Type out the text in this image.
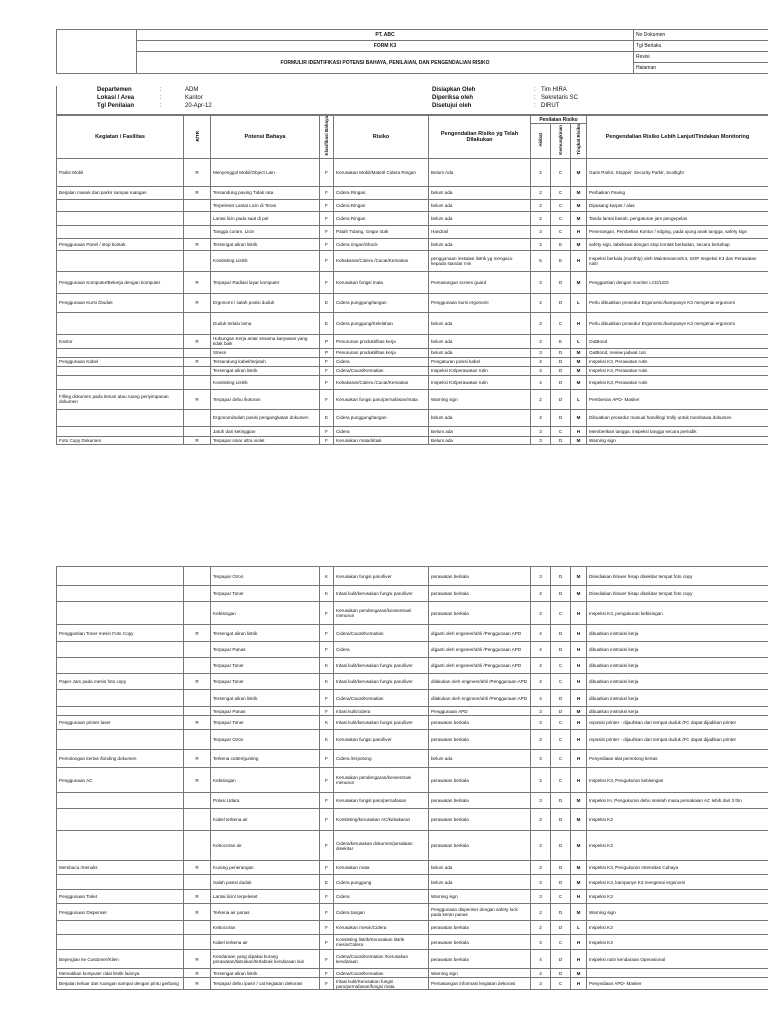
	PT. ABC	No Dokumen
	FORM K3	Tgl Berlaku
	FORMULIR IDENTIFIKASI POTENSI BAHAYA, PENILAIAN, DAN PENGENDALIAN RISIKO	Revisi
		Halaman
Departemen	:	ADM	Disiapkan Oleh	: Tim HIRA
Lokasi / Area	:	Kantor	Diperiksa oleh	: Sekretaris SC
Tgl Penilaian	:	20-Apr-12	Disetujui oleh	: DIRUT
Kegiatan / Fasilitas	R/TR	Potensi Bahaya	Klasifikasi Bahaya	Risiko	Pengendalian Risiko yg Telah Dilakukan	Penilaian Risiko			Pengendalian Risiko Lebih Lanjut/Tindakan Monitoring
						Akibat	Kemungkinan	Tingkat Risiko	
Parkir Mobil	R	Menyenggol Mobil/Object Lain	F	Kerusakan Mobil/Materil Cidera Ringan	Belum Ada	2	C	M	Garis Parkir, Stopper, Security Parkir, Scotlight
Berjalan masuk dari parkir sampai ruangan	R	Tersandung paving Tidak rata	F	Cidera Ringan,	belum ada	2	C	M	Perbaikan Paving
		Terpeleset Lantai Licin di Teras	F	Cidera Ringan	belum ada	2	C	M	Dipasang karpet / alas
		Lantai licin pada saat di pel	F	Cidera Ringan	belum ada	2	C	M	Tanda lantai basah, pengaturan jam pengepelan
		Tangga curam, Licin	F	Patah Tulang, Gegar otak	Handrail	3	C	H	Penerangan, Pembelian Kontur / edging, pada ujung anak tangga, safety sign
Penggunaan Panel / stop kontak	R	Tersengat aliran listrik	F	Cidera ringan/Shock	belum ada	3	E	M	safety sign, labelisasi dengan stop kontak berkaitan, secara bertahap
		Konsleting Listrik	F	Kebakaran/Cidera /Cacat/Kematian	penggunaan instalasi listrik yg mengacu kepada standar min	5	E	H	Inspeksi berkala (monthly) oleh Maintenance/K3, SOP Inspeksi K3 dan Perawatan rutin
Penggunaan Komputer/Bekerja dengan komputer	R	Terpapar Radiasi layar komputer	F	Kerusakan fungsi mata	Pemasangan screen guard	3	D	M	Penggantian dengan monitor LCD/LED
Penggunaan Kursi /Duduk	R	Ergonomi / salah posisi duduk	E	Cidera punggung/tangan	Penggunaan kursi ergonomi	2	D	L	Perlu dibuatkan prosedur Ergonomic/kampanye K3 mengenai ergonomi
		Duduk terlalu lama	E	Cidera punggung/Kelelahan	belum ada	3	C	H	Perlu dibuatkan prosedur Ergonomic/kampanye K3 mengenai ergonomi
Kantor	R	Hubungan Kerja antar sesama karyawan yang tidak baik	P	Penurunan produktifitas kerja	belum ada	3	E	L	OutBond
		Stress	P	Penurunan produktifitas kerja	belum ada	3	D	M	OutBond, review jadwal cuti
Penggunaan Kabel	R	Tersandung kabel/terjatuh	F	Cidera	Pengaturan posisi kabel	3	D	M	Inspeksi K3, Perawatan rutin
		Tersengat aliran listrik	F	Cidera/Cacat/Kematian	Inspeksi K3/perawatan rutin	3	D	M	Inspeksi K3, Perawatan rutin
		Konsleting Listrik	F	Kebakaran/Cidera /Cacat/Kematian	Inspeksi K3/perawatan rutin	4	D	M	Inspeksi K3, Perawatan rutin
Filling dokumen pada lemari atau ruang penyimpanan dokumen	R	Terpapar debu /kotoran	F	Kerusakan fungsi paru/pernafasan/mata	Warning sign	2	D	L	Pemberian APD- Masker
		Ergonomi/salah posisi pengangkatan dokumen	E	Cidera punggung/tangan	belum ada	3	D	M	Dibuatkan prosedur manual handling/ trolly untuk membawa dokumen
		Jatuh dari ketinggian	F	Cidera	Belum ada	3	C	H	Memberikan tangga, inspeksi tangga secara periodik
Foto Copy Dokumen	R	Terpapar sinar ultra violet	F	Kerusakan mata/iritasi	Belum ada	3	D	M	Warning sign
		Terpapar Ozon	K	Kerusakan fungsi paru/liver	perawatan berkala	3	D	M	Disediakan blower hisap disekitar tempat foto copy
		Terpapar Toner	K	Iritasi kulit/kerusakan fungsi paru/liver	perawatan berkala	3	D	M	Disediakan blower hisap disekitar tempat foto copy
		Kebisingan	F	Kerusakan pendengaran/konsentrasi menurun	perawatan berkala	3	C	H	Inspeksi K3, pengukuran kebisingan
Penggantian Toner mesin Foto Copy	R	Tersengat aliran listrik	F	Cidera/Cacat/Kematian	diganti oleh engineer/ahli /Penggunaan APD	4	D	H	dibuatkan instruksi kerja
		Terpapar Panas	F	Cidera	diganti oleh engineer/ahli /Penggunaan APD	4	D	H	dibuatkan instruksi kerja
		Terpapar Toner	K	Iritasi kulit/kerusakan fungsi paru/liver	diganti oleh engineer/ahli /Penggunaan APD	3	C	H	dibuatkan instruksi kerja
Paper Jam pada mesin foto copy	R	Terpapar Toner	K	Iritasi kulit/kerusakan fungsi paru/liver	dilakukan oleh engineer/ahli /Penggunaan APD	3	C	H	dibuatkan instruksi kerja
		Tersengat aliran listrik	F	Cidera/Cacat/Kematian	dilakukan oleh engineer/ahli /Penggunaan APD	4	D	H	dibuatkan instruksi kerja
		Terpapar Panas	F	Iritasi kulit/cidera	Penggunaan APD	3	D	M	dibuatkan instruksi kerja
Penggunaan printer laser	R	Terpapar Toner	K	Iritasi kulit/kerusakan fungsi paru/liver	perawatan berkala	3	C	H	reposisi printer - dijauhkan dari tempat duduk /FC dapat dijadikan printer
		Terpapar Ozon	K	Kerusakan fungsi paru/liver	perawatan berkala	3	C	H	reposisi printer - dijauhkan dari tempat duduk /FC dapat dijadikan printer
Pemotongan kertas /binding dokumen	R	Terkena cutter/gunting	F	Cidera /terpotong	belum ada	3	C	H	Penyediaan alat pemotong kertas
Penggunaan AC	R	Kebisingan	F	Kerusakan pendengaran/konsentrasi menurun	perawatan berkala	3	C	H	Inspeksi K3, Pengukuran kebisingan
		Polusi Udara	F	Kerusakan fungsi paru/pernafasan	perawatan berkala	3	D	M	Inspeksi IH, Pengukuran debu setelah masa pemakaian AC lebih dari 3 thn
		Kabel terkena air	F	Konsleting/kerusakan AC/kebakaran	perawatan berkala	3	D	M	Inspeksi K3
		Kebocoran air	F	Cidera/kerusakan dokumen/peralatan disekitar	perawatan berkala	3	D	M	Inspeksi K3
Membaca /menulis	R	Kurang penerangan	F	Kerusakan mata	belum ada	3	D	M	Inspeksi K3, Pengukuran Intensitas Cahaya
		Salah posisi duduk	E	Cidera punggung	belum ada	3	D	M	Inspeksi K3, kampanye K3 mengenai ergonomi
Penggunaan Toilet	R	Lantai licin/ terpeleset	F	Cidera	Warning sign	3	C	H	Inspeksi K3
Penggunaan Dispenser	R	Terkena air panas	F	Cidera tangan	Penggunaan dispenser dengan safety lock pada keran panas	2	D	M	Warning sign
		Kebocoran	F	Kerusakan mesin/Cidera	perawatan berkala	2	D	L	Inspeksi K3
		Kabel terkena air	F	Konsleting listrik/Kerusakan listrik mesin/Cidera	perawatan berkala	3	C	H	Inspeksi K3
Bepergian ke Customer/Klien	R	Kendaraan yang dipakai kurang perawatan/tabrakan/terlabrak kendaraan lain	F	Cidera/Cacat/Kematian /Kerusakan kendaraan	perawatan berkala	4	D	H	Inspeksi rutin kendaraan Operasional
Mematikan komputer /alat listrik lainnya	R	Tersengat aliran listrik	F	Cidera/Cacat/Kematian	Warning sign	3	D	M	
Berjalan keluar dari ruangan sampai dengan pintu gerbang	R	Terpapar debu /pasir / cat kegiatan dekorasi	F	Iritasi kulit/Kerusakan fungsi paru/pernafasan/fungsi mata	Pemasangan informasi kegiatan dekorasi	3	C	H	Penyediaan APD- Masker
